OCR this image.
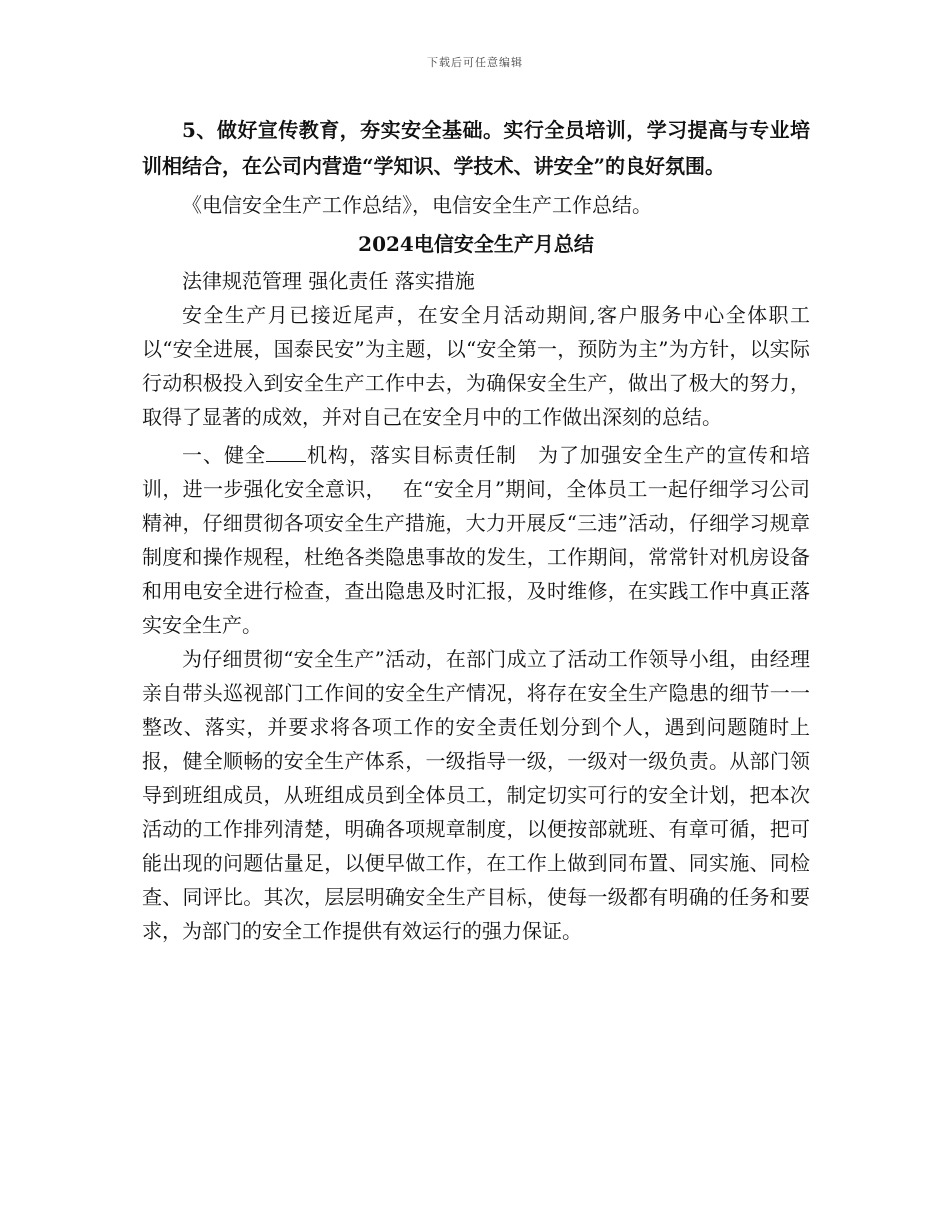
下载后可任意编辑

5、做好宣传教育，夯实安全基础。实行全员培训，学习提高与专业培训相结合，在公司内营造“学知识、学技术、讲安全”的良好氛围。

《电信安全生产工作总结》，电信安全生产工作总结。

2024电信安全生产月总结

法律规范管理 强化责任 落实措施

安全生产月已接近尾声，在安全月活动期间,客户服务中心全体职工以“安全进展，国泰民安”为主题，以“安全第一，预防为主”为方针，以实际行动积极投入到安全生产工作中去，为确保安全生产，做出了极大的努力，取得了显著的成效，并对自己在安全月中的工作做出深刻的总结。

一、健全 机构，落实目标责任制　为了加强安全生产的宣传和培训，进一步强化安全意识，　 在“安全月”期间，全体员工一起仔细学习公司精神，仔细贯彻各项安全生产措施，大力开展反“三违”活动，仔细学习规章制度和操作规程，杜绝各类隐患事故的发生，工作期间，常常针对机房设备和用电安全进行检查，查出隐患及时汇报，及时维修，在实践工作中真正落实安全生产。

为仔细贯彻“安全生产”活动，在部门成立了活动工作领导小组，由经理亲自带头巡视部门工作间的安全生产情况，将存在安全生产隐患的细节一一整改、落实，并要求将各项工作的安全责任划分到个人，遇到问题随时上报，健全顺畅的安全生产体系，一级指导一级，一级对一级负责。从部门领导到班组成员，从班组成员到全体员工，制定切实可行的安全计划，把本次活动的工作排列清楚，明确各项规章制度，以便按部就班、有章可循，把可能出现的问题估量足，以便早做工作，在工作上做到同布置、同实施、同检查、同评比。其次，层层明确安全生产目标，使每一级都有明确的任务和要求，为部门的安全工作提供有效运行的强力保证。
